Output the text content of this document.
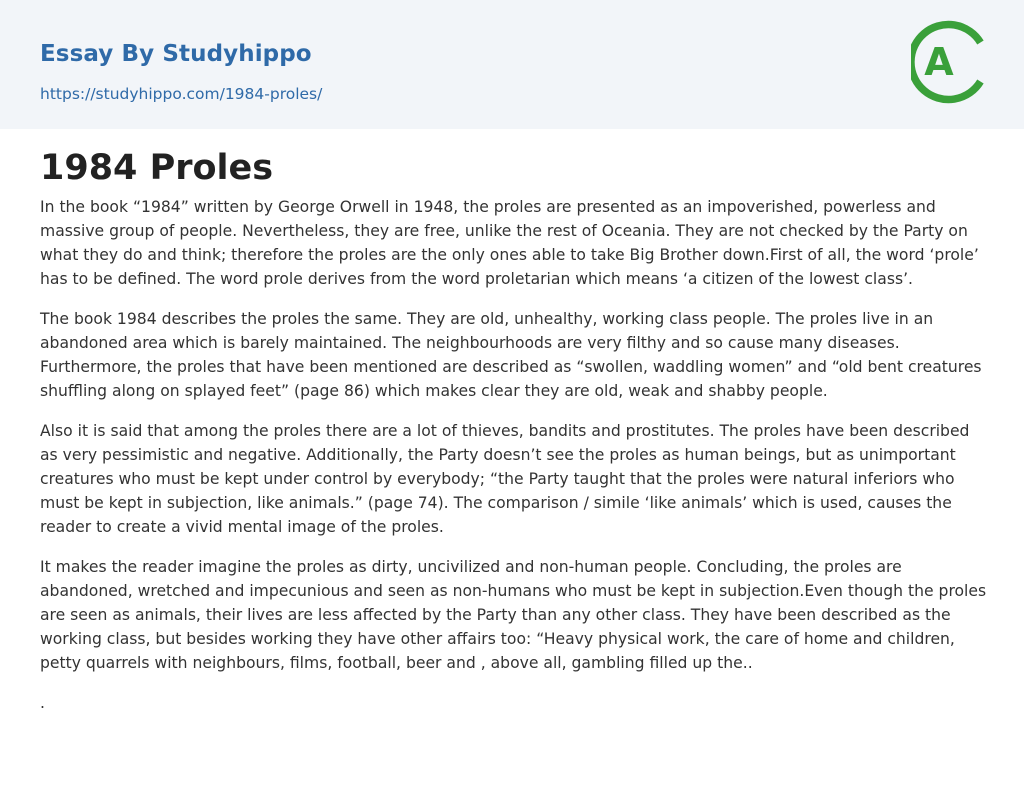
Essay By Studyhippo
https://studyhippo.com/1984-proles/
A
1984 Proles

In the book “1984” written by George Orwell in 1948, the proles are presented as an impoverished, powerless and massive group of people. Nevertheless, they are free, unlike the rest of Oceania. They are not checked by the Party on what they do and think; therefore the proles are the only ones able to take Big Brother down.First of all, the word ‘prole’ has to be defined. The word prole derives from the word proletarian which means ‘a citizen of the lowest class’.

The book 1984 describes the proles the same. They are old, unhealthy, working class people. The proles live in an abandoned area which is barely maintained. The neighbourhoods are very filthy and so cause many diseases. Furthermore, the proles that have been mentioned are described as “swollen, waddling women” and “old bent creatures shuffling along on splayed feet” (page 86) which makes clear they are old, weak and shabby people.

Also it is said that among the proles there are a lot of thieves, bandits and prostitutes. The proles have been described as very pessimistic and negative. Additionally, the Party doesn’t see the proles as human beings, but as unimportant creatures who must be kept under control by everybody; “the Party taught that the proles were natural inferiors who must be kept in subjection, like animals.” (page 74). The comparison / simile ‘like animals’ which is used, causes the reader to create a vivid mental image of the proles.

It makes the reader imagine the proles as dirty, uncivilized and non-human people. Concluding, the proles are abandoned, wretched and impecunious and seen as non-humans who must be kept in subjection.Even though the proles are seen as animals, their lives are less affected by the Party than any other class. They have been described as the working class, but besides working they have other affairs too: “Heavy physical work, the care of home and children, petty quarrels with neighbours, films, football, beer and , above all, gambling filled up the..

.
